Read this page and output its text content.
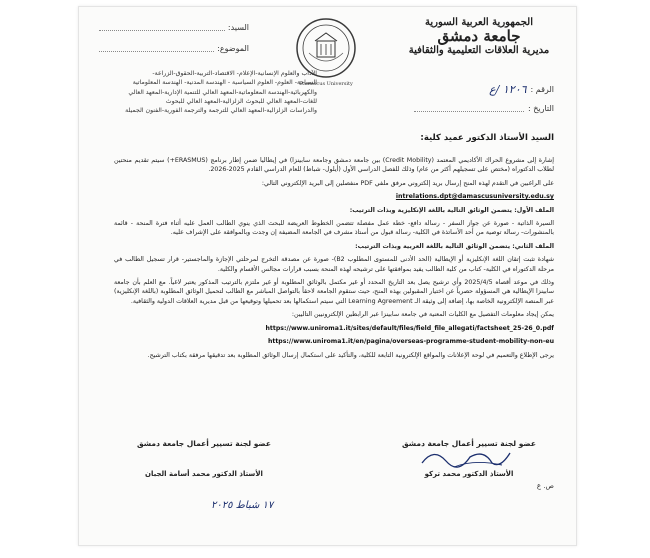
الجمهورية العربية السورية
جامعة دمشق
مديرية العلاقات التعليمية والثقافية
Damascus University
السيد:
الموضوع:
الرقم :
١٢٠٦ /ع
التاريخ :
الآداب والعلوم الإنسانية-الإعلام- الاقتصاد-التربية-الحقوق-الزراعة-
السياحة- العلوم- العلوم السياسية - الهندسة المدنية- الهندسة المعلوماتية
والكهربائية-الهندسة المعلوماتية-المعهد العالي للتنمية الإدارية-المعهد العالي
للغات-المعهد العالي للبحوث الزلزالية-المعهد العالي للبحوث
والدراسات الزلزالية-المعهد العالي للترجمة والترجمة الفورية-الفنون الجميلة
السيد الأستاذ الدكتور عميد كلية:

إشارة إلى مشروع الحراك الأكاديمي المعتمد (Credit Mobility) بين جامعة دمشق وجامعة سابينزا) في إيطاليا ضمن إطار برنامج (ERASMUS+) سيتم تقديم منحتين لطلاب الدكتوراه (مختص على تسجيلهم أكثر من عام) وذلك للفصل الدراسي الأول (أيلول- شباط) للعام الدراسي القادم 2025-2026.

على الراغبين في التقدم لهذه المنح إرسال بريد إلكتروني مرفق ملفي PDF منفصلين إلى البريد الإلكتروني التالي:

intrelations.dpt@damascusuniversity.edu.sy

الملف الأول: يتضمن الوثائق التالية باللغة الإنكليزية وبذات الترتيب:

السيرة الذاتية - صورة عن جواز السفر - رسالة دافع- خطة عمل مفصلة تتضمن الخطوط العريضة للبحث الذي ينوي الطالب العمل عليه أثناء فترة المنحة - قائمة بالمنشورات- رسالة توصية من أحد الأساتذة في الكلية- رسالة قبول من أستاذ مشرف في الجامعة المضيفة إن وجدت وبالموافقة على الإشراف عليه.

الملف الثاني: يتضمن الوثائق التالية باللغة العربية وبذات الترتيب:

شهادة تثبت إتقان اللغة الإنكليزية أو الإيطالية (الحد الأدنى للمستوى المطلوب B2)- صورة عن مصدقة التخرج لمرحلتي الإجازة والماجستير- قرار تسجيل الطالب في مرحلة الدكتوراه في الكلية- كتاب من كلية الطالب يفيد بموافقتها على ترشيحه لهذه المنحة بسبب قرارات مجالس الأقسام والكلية.

وذلك في موعد أقصاه 2025/4/5 وأي ترشيح يصل بعد التاريخ المحدد أو غير مكتمل بالوثائق المطلوبة أو غير ملتزم بالترتيب المذكور يعتبر لاغياً. مع العلم بأن جامعة سابينزا الإيطالية هي المسؤولة حصرياً عن اختيار المقبولين بهذه المنح، حيث ستقوم الجامعة لاحقاً بالتواصل المباشر مع الطالب لتحميل الوثائق المطلوبة (باللغة الإنكليزية) عبر المنصة الإلكترونية الخاصة بها، إضافة إلى وثيقة الـ Learning Agreement التي سيتم استكمالها بعد تحميلها وتوقيعها من قبل مديرية العلاقات الدولية والثقافية.

يمكن إيجاد معلومات التفصيل مع الكليات المعنية في جامعة سابينزا عبر الرابطين الإلكترونيين التاليين:

https://www.uniroma1.it/sites/default/files/field_file_allegati/factsheet_25-26_0.pdf

https://www.uniroma1.it/en/pagina/overseas-programme-student-mobility-non-eu

يرجى الإطلاع والتعميم في لوحة الإعلانات والمواقع الإلكترونية التابعة للكلية، والتأكيد على استكمال إرسال الوثائق المطلوبة بعد تدقيقها مرفقة بكتاب الترشيح.

عضو لجنة تسيير أعمال جامعة دمشق
الأستاذ الدكتور محمد تركو
عضو لجنة تسيير أعمال جامعة دمشق
الأستاذ الدكتور محمد أسامة الجبان
ص. ع
١٧ شباط ٢٠٢٥
